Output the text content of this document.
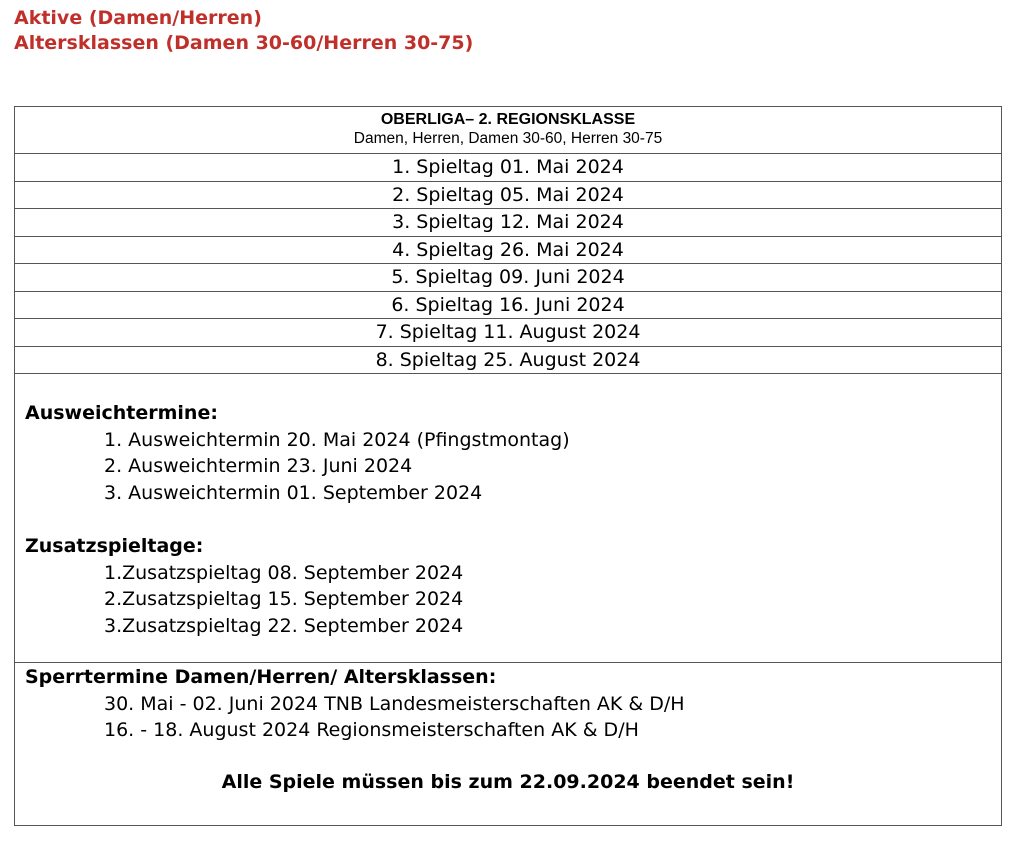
Aktive (Damen/Herren)
Altersklassen (Damen 30-60/Herren 30-75)
OBERLIGA– 2. REGIONSKLASSE
Damen, Herren, Damen 30-60, Herren 30-75
1. Spieltag 01. Mai 2024
2. Spieltag 05. Mai 2024
3. Spieltag 12. Mai 2024
4. Spieltag 26. Mai 2024
5. Spieltag 09. Juni 2024
6. Spieltag 16. Juni 2024
7. Spieltag 11. August 2024
8. Spieltag 25. August 2024
Ausweichtermine:
1. Ausweichtermin 20. Mai 2024 (Pfingstmontag)
2. Ausweichtermin 23. Juni 2024
3. Ausweichtermin 01. September 2024
Zusatzspieltage:
1.Zusatzspieltag 08. September 2024
2.Zusatzspieltag 15. September 2024
3.Zusatzspieltag 22. September 2024
Sperrtermine Damen/Herren/ Altersklassen:
30. Mai - 02. Juni 2024 TNB Landesmeisterschaften AK & D/H
16. - 18. August 2024 Regionsmeisterschaften AK & D/H
Alle Spiele müssen bis zum 22.09.2024 beendet sein!
